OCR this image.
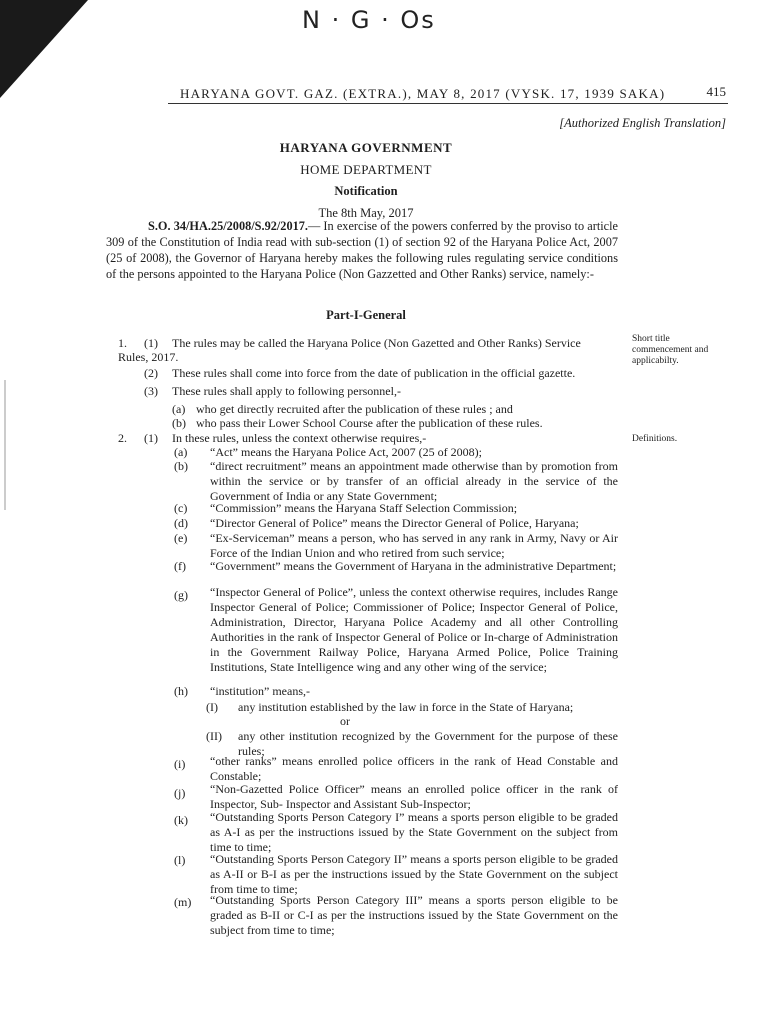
N · G · Os
HARYANA GOVT. GAZ. (EXTRA.), MAY 8, 2017 (VYSK. 17, 1939 SAKA)	415
[Authorized English Translation]
HARYANA GOVERNMENT
HOME DEPARTMENT
Notification
The 8th May, 2017
S.O. 34/HA.25/2008/S.92/2017.— In exercise of the powers conferred by the proviso to article 309 of the Constitution of India read with sub-section (1) of section 92 of the Haryana Police Act, 2007 (25 of 2008), the Governor of Haryana hereby makes the following rules regulating service conditions of the persons appointed to the Haryana Police (Non Gazzetted and Other Ranks) service, namely:-
Part-I-General
Short title commencement and applicabilty.
Definitions.
1. (1) The rules may be called the Haryana Police (Non Gazetted and Other Ranks) Service
Rules, 2017.
(2) These rules shall come into force from the date of publication in the official gazette.
(3) These rules shall apply to following personnel,-
(a) who get directly recruited after the publication of these rules ; and
(b) who pass their Lower School Course after the publication of these rules.
2. (1) In these rules, unless the context otherwise requires,-
(a) “Act” means the Haryana Police Act, 2007 (25 of 2008);
(b) “direct recruitment” means an appointment made otherwise than by promotion from within the service or by transfer of an official already in the service of the Government of India or any State Government;
(c) “Commission” means the Haryana Staff Selection Commission;
(d) “Director General of Police” means the Director General of Police, Haryana;
(e) “Ex-Serviceman” means a person, who has served in any rank in Army, Navy or Air Force of the Indian Union and who retired from such service;
(f) “Government” means the Government of Haryana in the administrative Department;
(g) “Inspector General of Police”, unless the context otherwise requires, includes Range Inspector General of Police; Commissioner of Police; Inspector General of Police, Administration, Director, Haryana Police Academy and all other Controlling Authorities in the rank of Inspector General of Police or In-charge of Administration in the Government Railway Police, Haryana Armed Police, Police Training Institutions, State Intelligence wing and any other wing of the service;
(h) “institution” means,-
(I) any institution established by the law in force in the State of Haryana;
or
(II) any other institution recognized by the Government for the purpose of these rules;
(i) “other ranks” means enrolled police officers in the rank of Head Constable and Constable;
(j) “Non-Gazetted Police Officer” means an enrolled police officer in the rank of Inspector, Sub- Inspector and Assistant Sub-Inspector;
(k) “Outstanding Sports Person Category I” means a sports person eligible to be graded as A-I as per the instructions issued by the State Government on the subject from time to time;
(l) “Outstanding Sports Person Category II” means a sports person eligible to be graded as A-II or B-I as per the instructions issued by the State Government on the subject from time to time;
(m) “Outstanding Sports Person Category III” means a sports person eligible to be graded as B-II or C-I as per the instructions issued by the State Government on the subject from time to time;
